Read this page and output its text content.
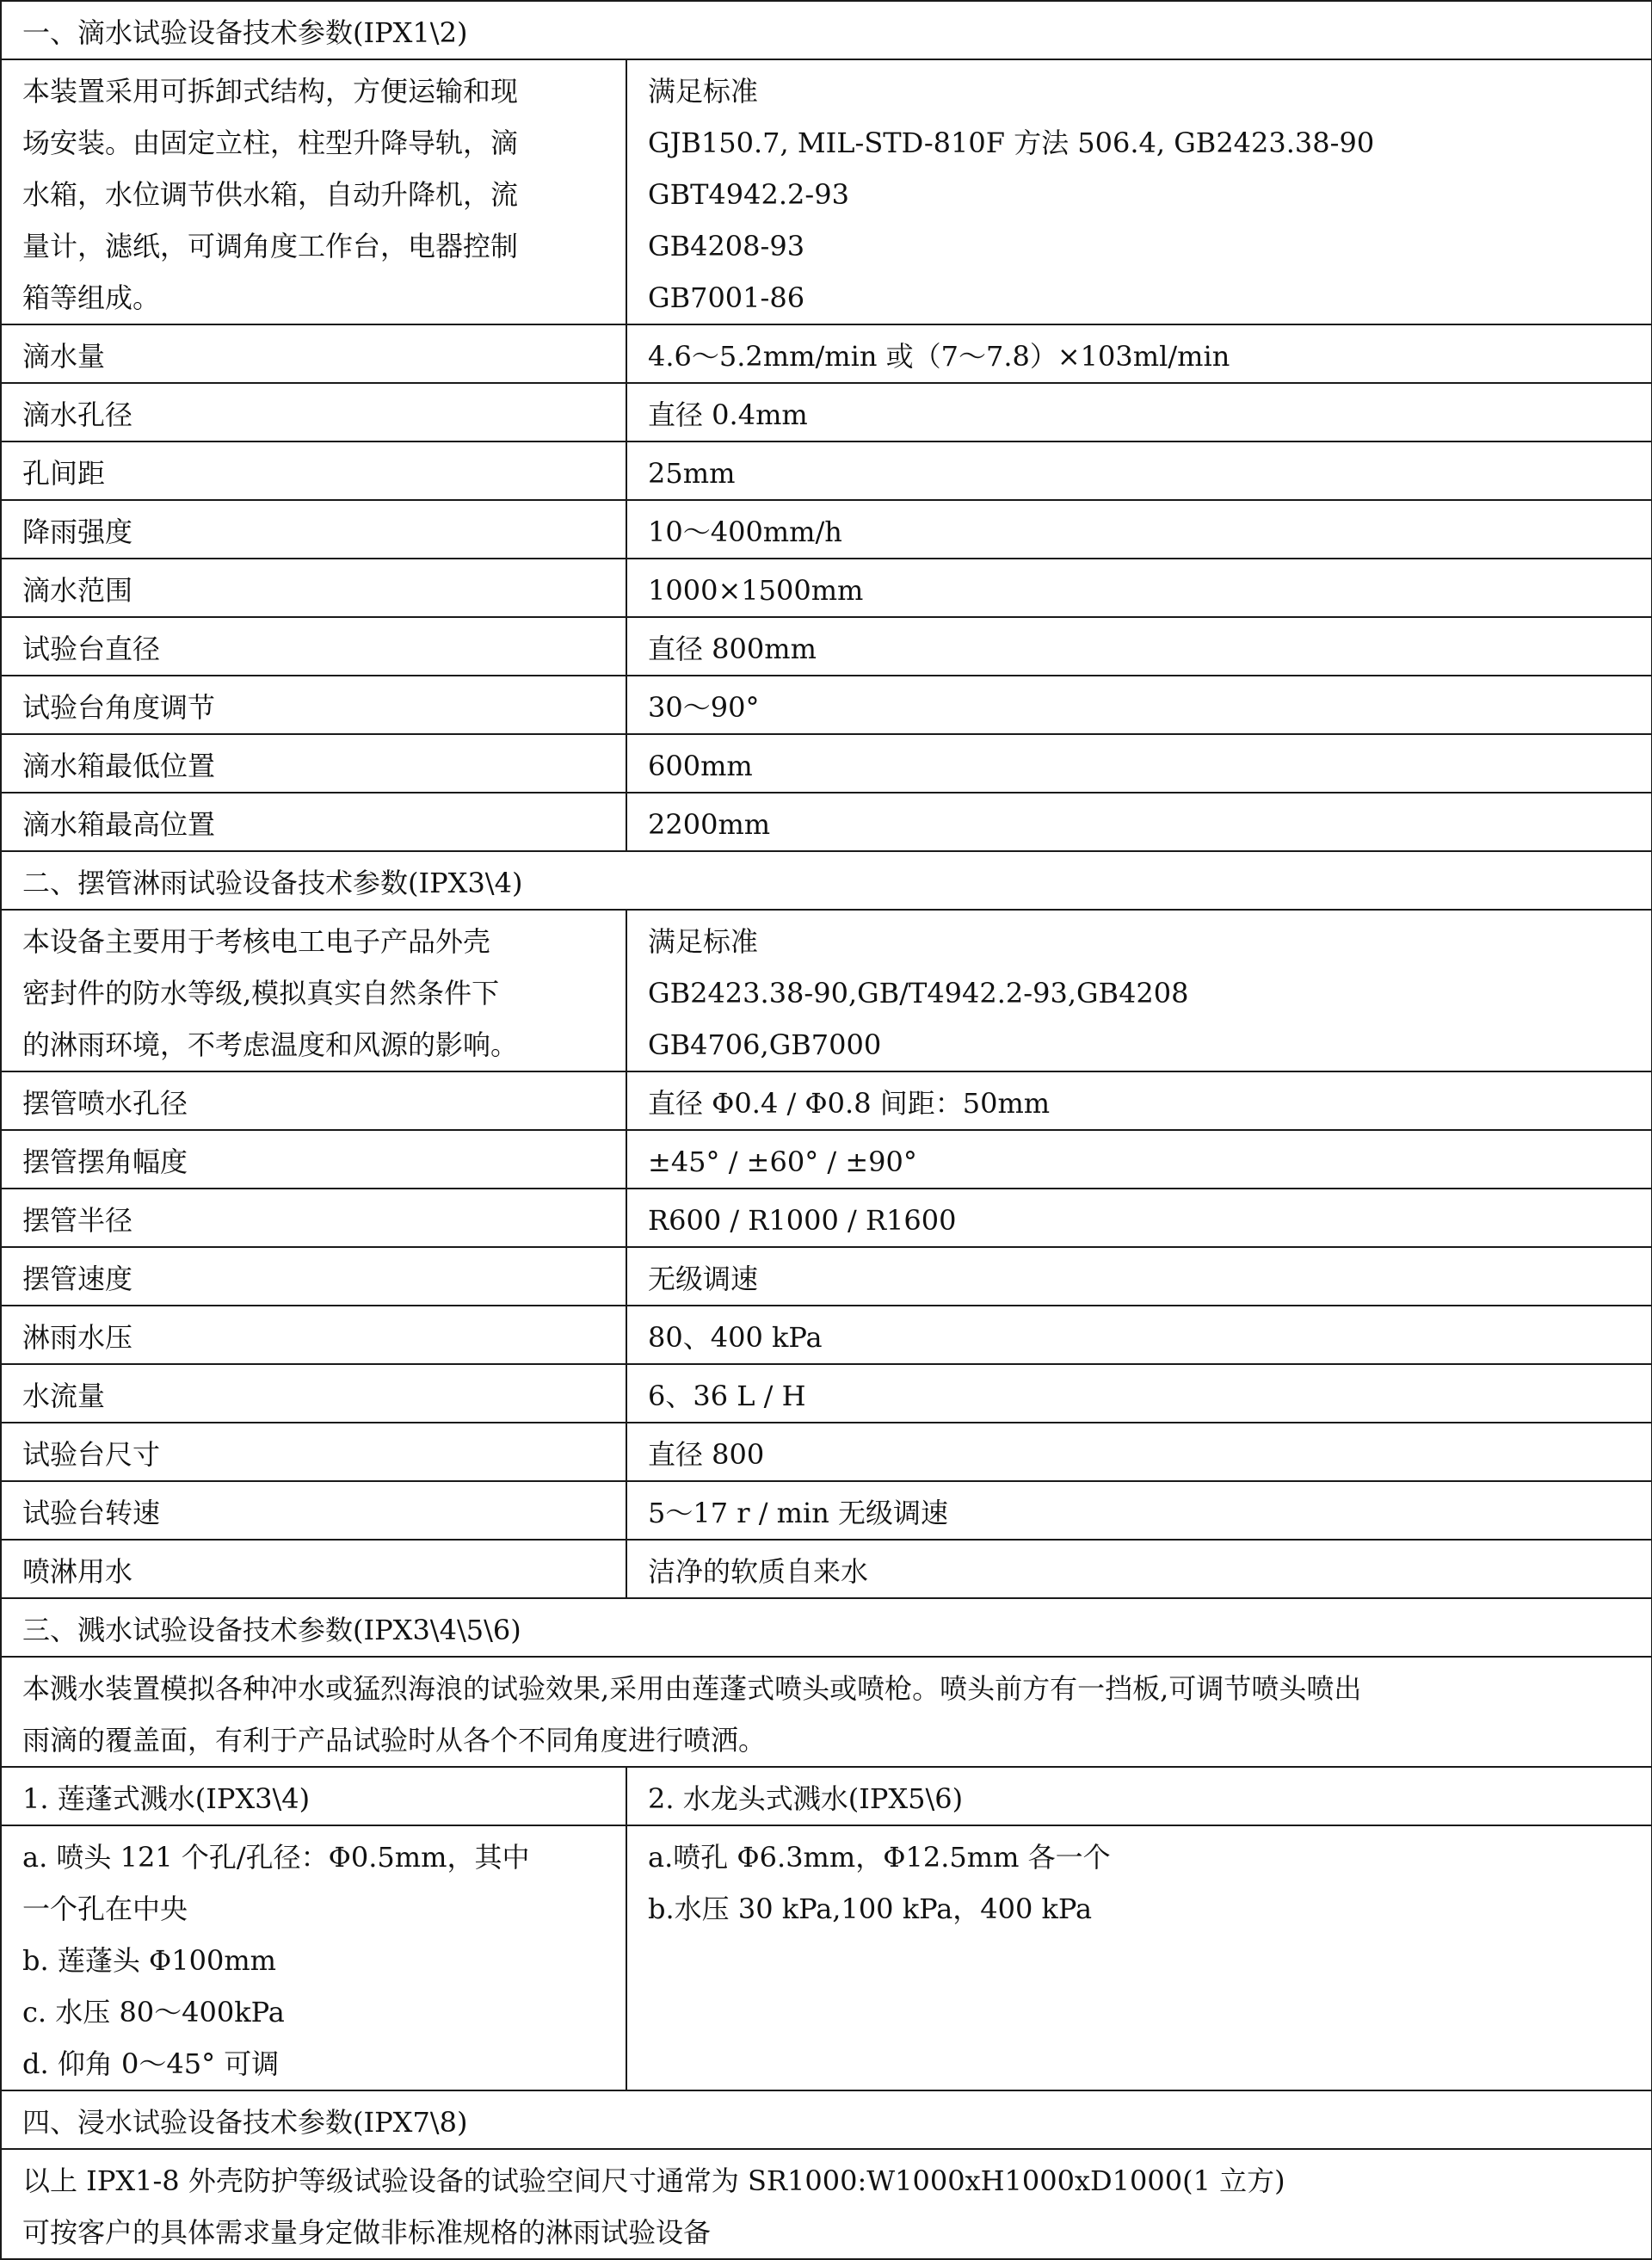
一、滴水试验设备技术参数(IPX1\2)	

本装置采用可拆卸式结构，方便运输和现
场安装。由固定立柱，柱型升降导轨，滴
水箱，水位调节供水箱，自动升降机，流
量计，滤纸，可调角度工作台，电器控制
箱等组成。	满足标准
GJB150.7, MIL-STD-810F 方法 506.4, GB2423.38-90
GBT4942.2-93
GB4208-93
GB7001-86

滴水量	4.6～5.2mm/min 或（7～7.8）×103ml/min
滴水孔径	直径 0.4mm
孔间距	25mm
降雨强度	10～400mm/h
滴水范围	1000×1500mm
试验台直径	直径 800mm
试验台角度调节	30～90°
滴水箱最低位置	600mm
滴水箱最高位置	2200mm
二、摆管淋雨试验设备技术参数(IPX3\4)	

本设备主要用于考核电工电子产品外壳
密封件的防水等级,模拟真实自然条件下
的淋雨环境，不考虑温度和风源的影响。	满足标准
GB2423.38-90,GB/T4942.2-93,GB4208
GB4706,GB7000

摆管喷水孔径	直径 Φ0.4 / Φ0.8 间距：50mm
摆管摆角幅度	±45° / ±60° / ±90°
摆管半径	R600 / R1000 / R1600
摆管速度	无级调速
淋雨水压	80、400 kPa
水流量	6、36 L / H
试验台尺寸	直径 800
试验台转速	5～17 r / min 无级调速
喷淋用水	洁净的软质自来水
三、溅水试验设备技术参数(IPX3\4\5\6)	

本溅水装置模拟各种冲水或猛烈海浪的试验效果,采用由莲蓬式喷头或喷枪。喷头前方有一挡板,可调节喷头喷出
雨滴的覆盖面，有利于产品试验时从各个不同角度进行喷洒。	

1. 莲蓬式溅水(IPX3\4)	2. 水龙头式溅水(IPX5\6)

a. 喷头 121 个孔/孔径：Φ0.5mm，其中
一个孔在中央
b. 莲蓬头 Φ100mm
c. 水压 80～400kPa
d. 仰角 0～45° 可调	a.喷孔 Φ6.3mm，Φ12.5mm 各一个
b.水压 30 kPa,100 kPa，400 kPa

四、浸水试验设备技术参数(IPX7\8)	

以上 IPX1-8 外壳防护等级试验设备的试验空间尺寸通常为 SR1000:W1000xH1000xD1000(1 立方)
可按客户的具体需求量身定做非标准规格的淋雨试验设备	
